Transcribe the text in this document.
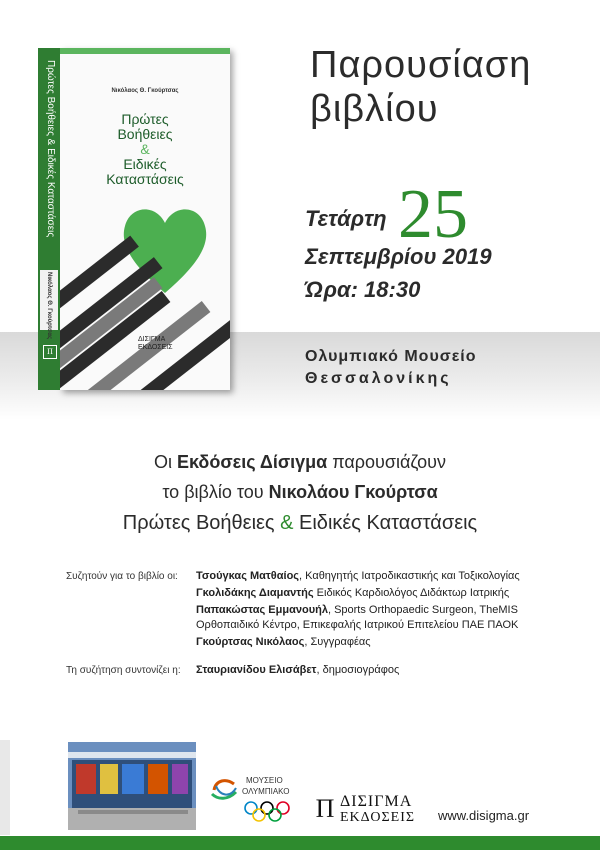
Νικόλαος Θ. Γκούρτσας
Πρώτες
Βοήθειες
&
Ειδικές
Καταστάσεις
ΔΙΣΙΓΜΑ
ΕΚΔΟΣΕΙΣ
Πρώτες Βοήθειες & Ειδικές Καταστάσεις
Νικόλαος Θ. Γκούρτσας
Π
Παρουσίαση
βιβλίου
Τετάρτη 25
Σεπτεμβρίου 2019
Ώρα: 18:30
Ολυμπιακό Μουσείο
Θεσσαλονίκης
Οι Εκδόσεις Δίσιγμα παρουσιάζουν
το βιβλίο του Νικολάου Γκούρτσα
Πρώτες Βοήθειες & Ειδικές Καταστάσεις
Συζητούν για το βιβλίο οι: Τσούγκας Ματθαίος, Καθηγητής Ιατροδικαστικής και Τοξικολογίας
Γκολιδάκης Διαμαντής Ειδικός Καρδιολόγος Διδάκτωρ Ιατρικής
Παπακώστας Εμμανουήλ, Sports Orthopaedic Surgeon, TheMIS
Ορθοπαιδικό Κέντρο, Επικεφαλής Ιατρικού Επιτελείου ΠΑΕ ΠΑΟΚ
Γκούρτσας Νικόλαος, Συγγραφέας
Τη συζήτηση συντονίζει η: Σταυριανίδου Ελισάβετ, δημοσιογράφος
ΜΟΥΣΕΙΟ
ΟΛΥΜΠΙΑΚΟ
Π ΔΙΣΙΓΜΑ
ΕΚΔΟΣΕΙΣ www.disigma.gr
